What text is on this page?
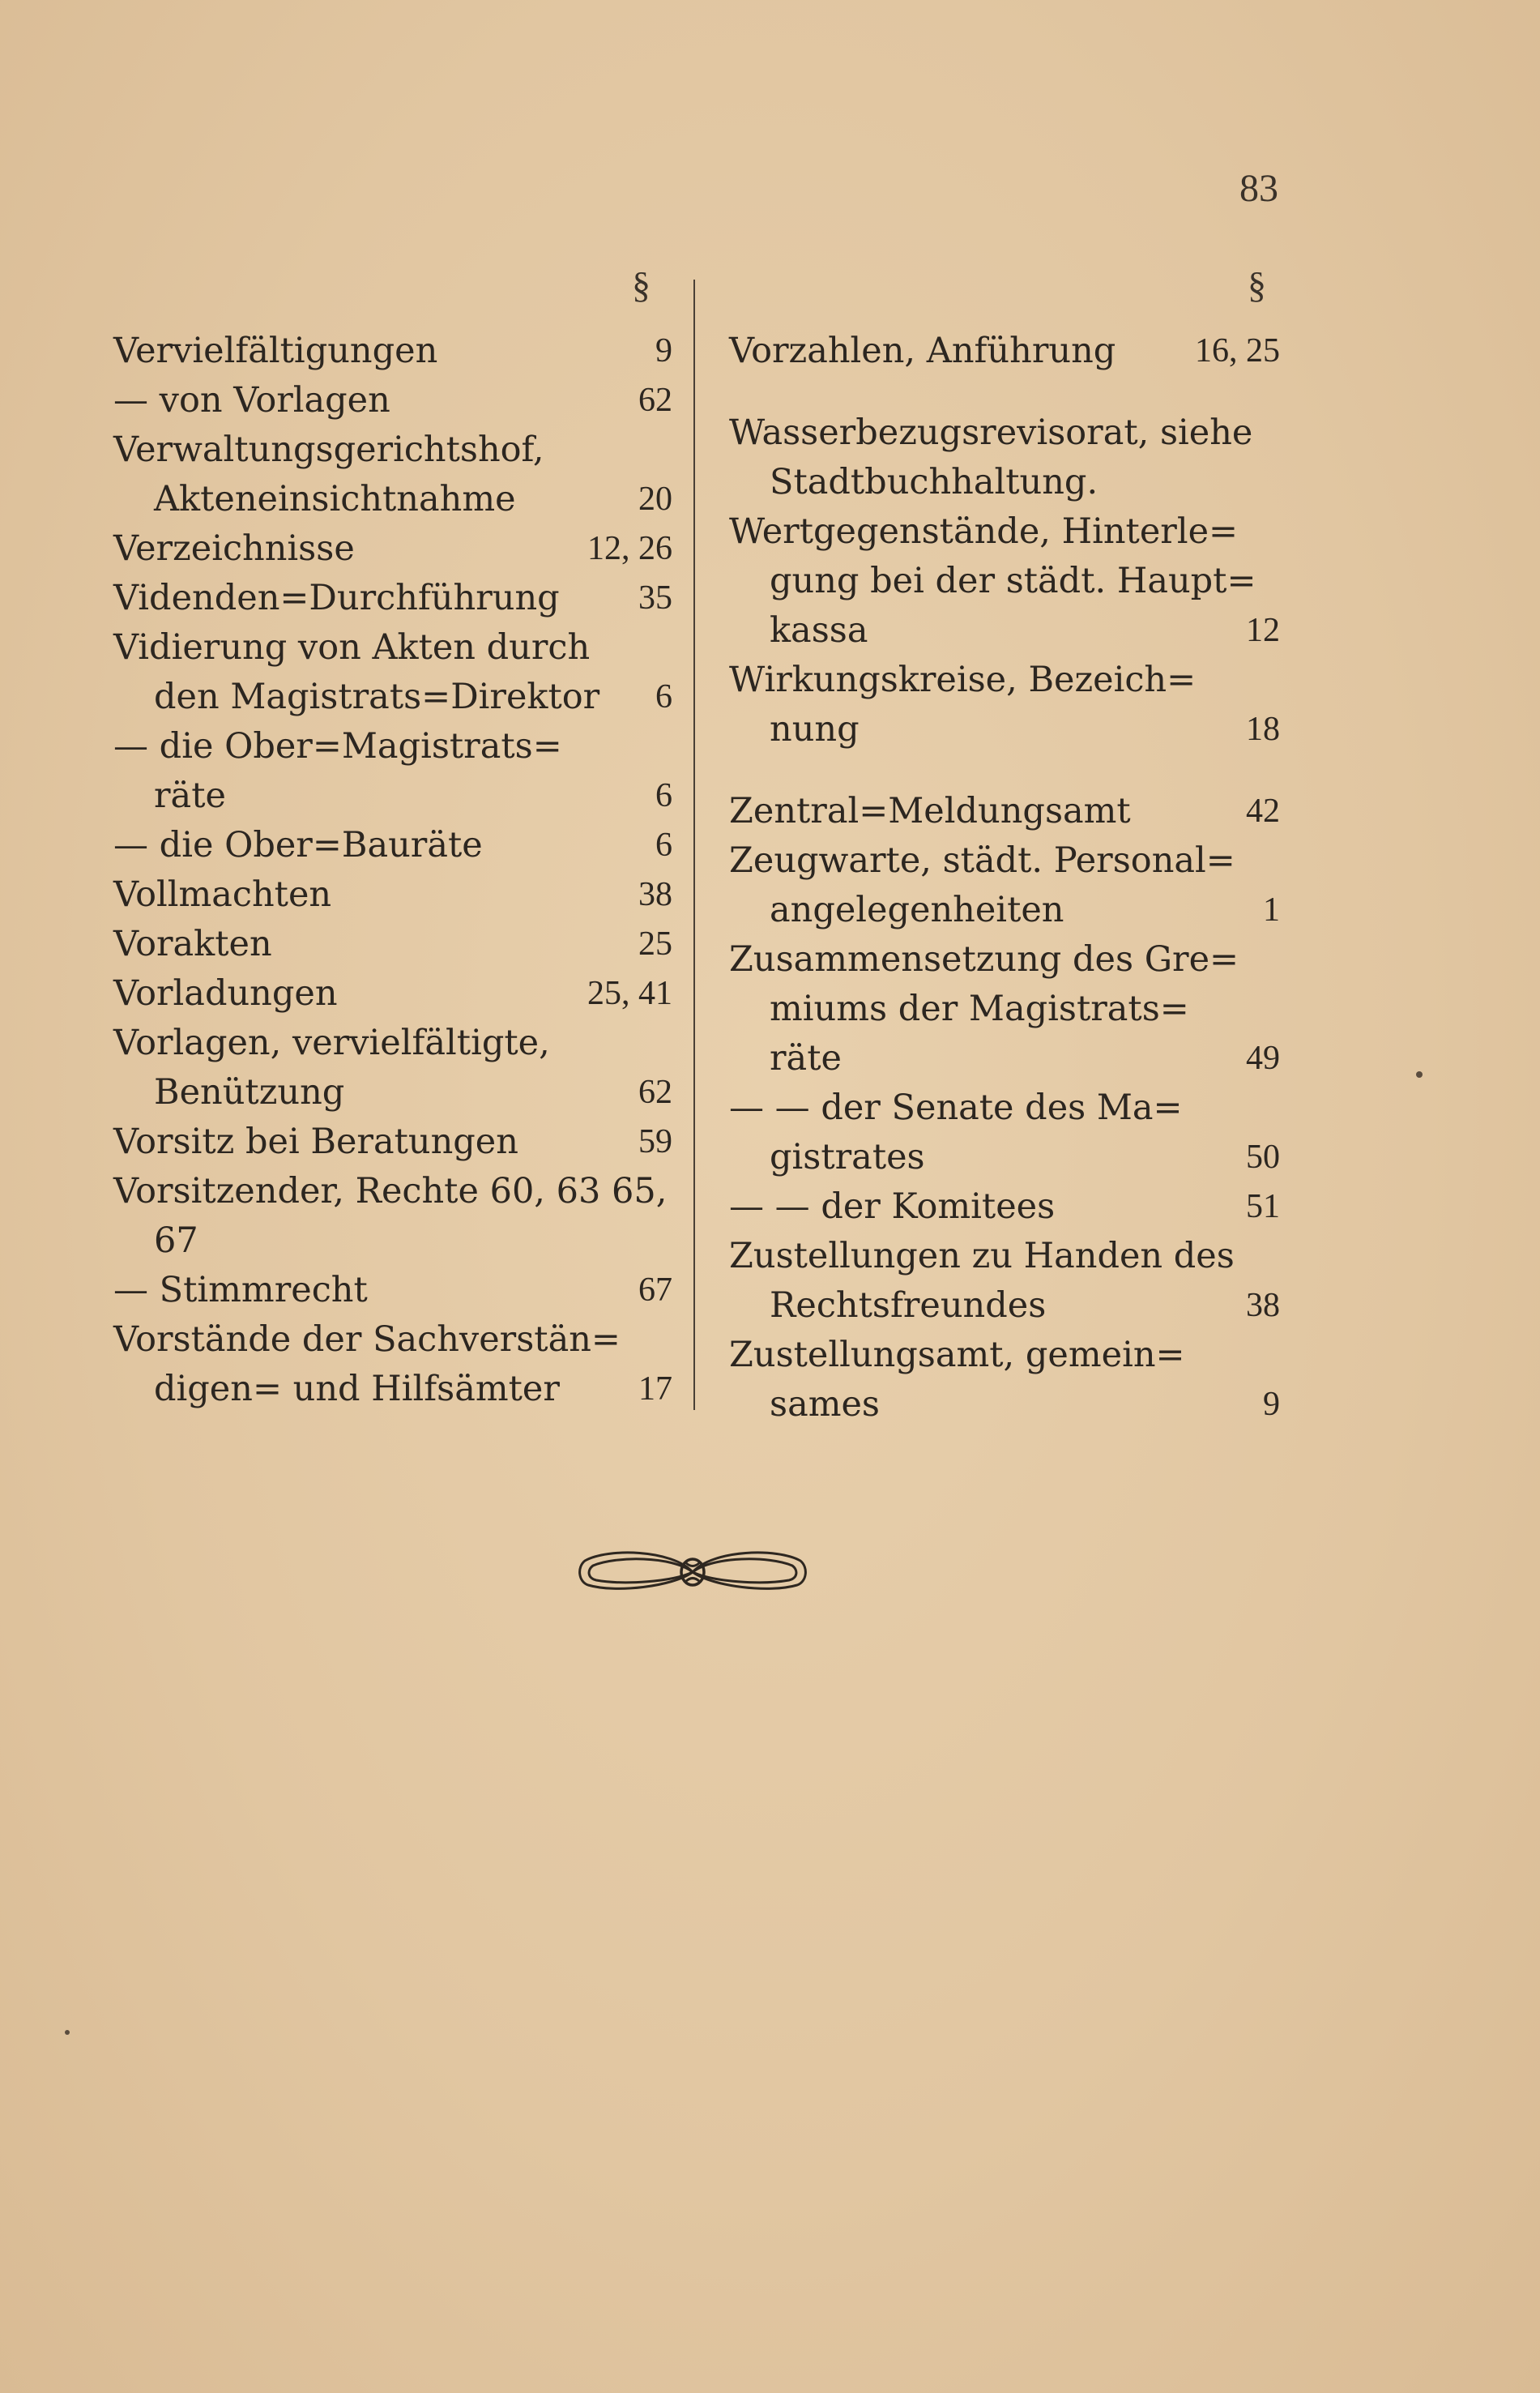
83
§
Vervielfältigungen	9
— von Vorlagen	62
Verwaltungsgerichtshof,
Akteneinsichtnahme	20
Verzeichnisse	12, 26
Videnden=Durchführung 35
Vidierung von Akten durch
den Magistrats=Direktor 6
— die Ober=Magistrats=
räte	6
— die Ober=Bauräte	6
Vollmachten	38
Vorakten	25
Vorladungen	25, 41
Vorlagen, vervielfältigte,
Benützung	62
Vorsitz bei Beratungen	59
Vorsitzender, Rechte 60, 63 65,
67
— Stimmrecht	67
Vorstände der Sachverstän=
digen= und Hilfsämter 17
§
Vorzahlen, Anführung 16, 25
Wasserbezugsrevisorat, siehe
Stadtbuchhaltung.
Wertgegenstände, Hinterle=
gung bei der städt. Haupt=
kassa	12
Wirkungskreise, Bezeich=
nung	18
Zentral=Meldungsamt	42
Zeugwarte, städt. Personal=
angelegenheiten	1
Zusammensetzung des Gre=
miums der Magistrats=
räte	49
— — der Senate des Ma=
gistrates	50
— — der Komitees	51
Zustellungen zu Handen des
Rechtsfreundes	38
Zustellungsamt, gemein=
sames	9
